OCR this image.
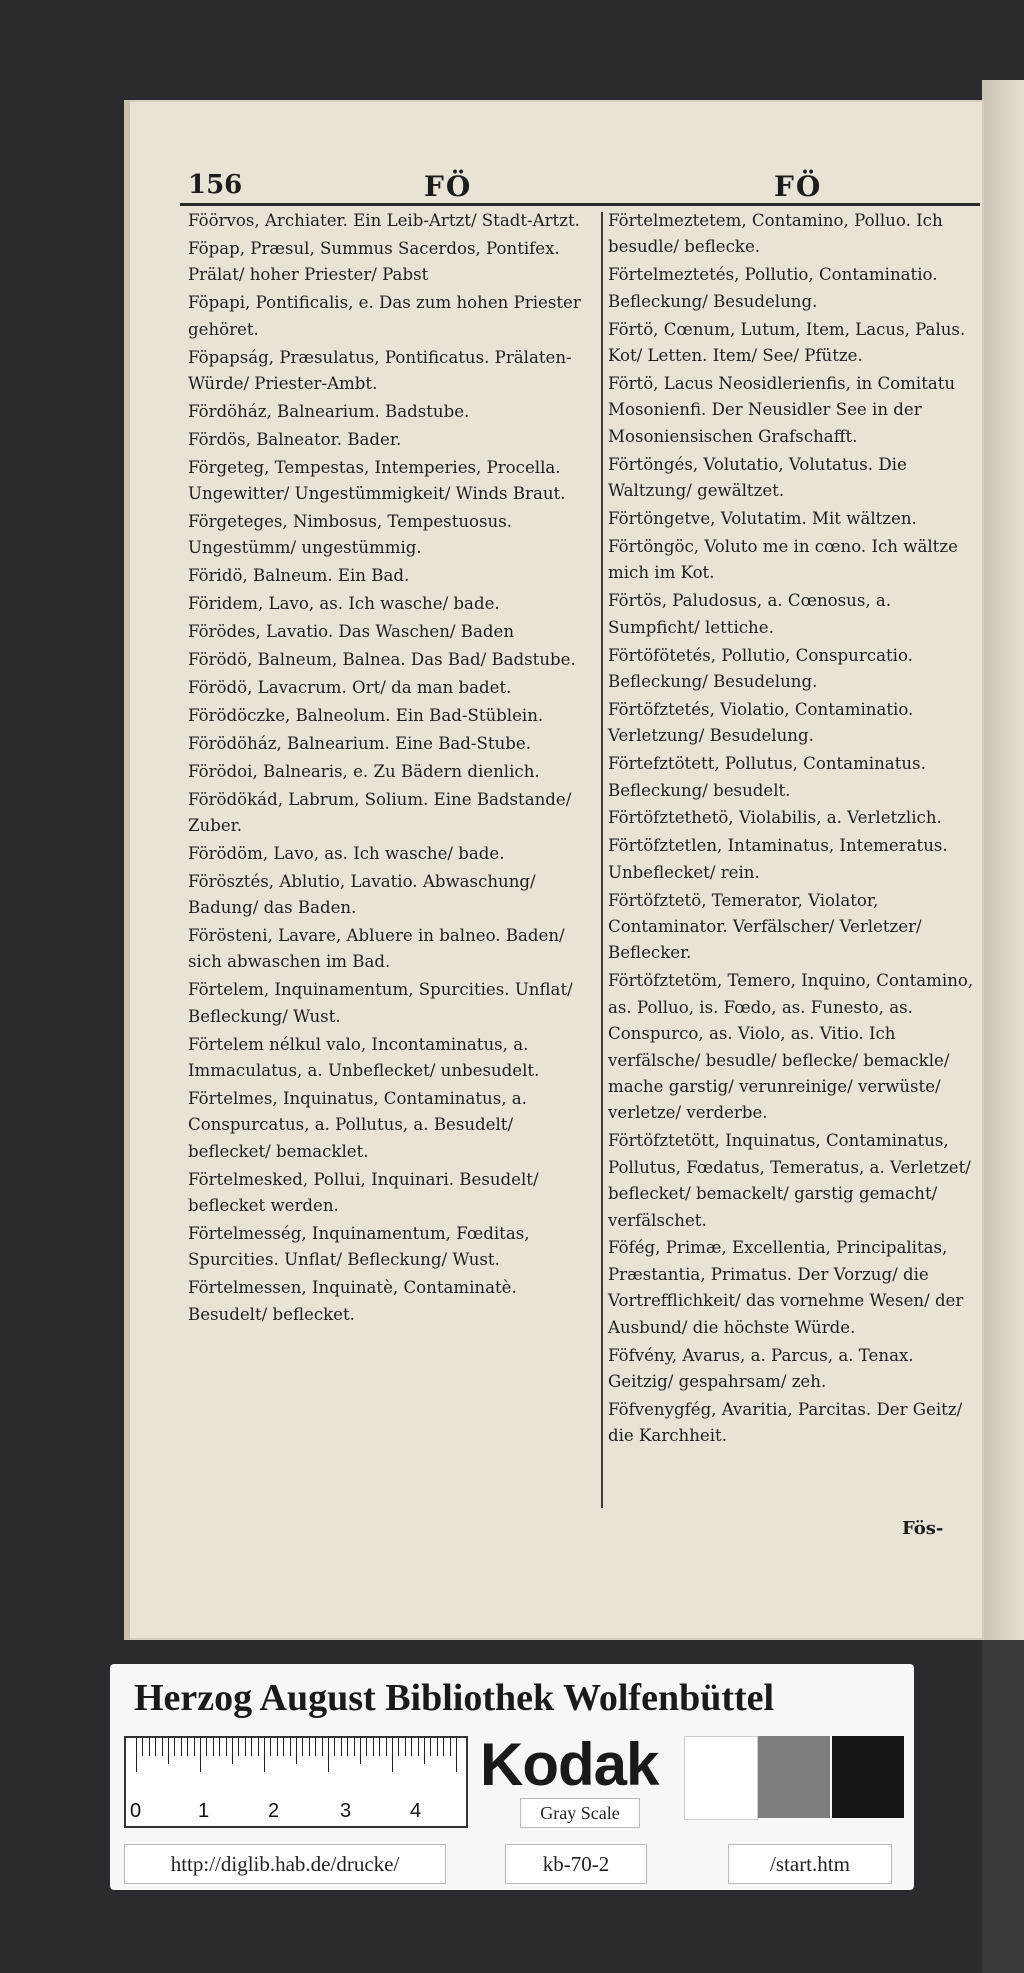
156	FÖ	FÖ
Föörvos, Archiater. Ein Leib-Artzt/ Stadt-Artzt.
Föpap, Præsul, Summus Sacerdos, Pontifex. Prälat/ hoher Priester/ Pabst
Föpapi, Pontificalis, e. Das zum hohen Priester gehöret.
Föpapság, Præsulatus, Pontificatus. Prälaten-Würde/ Priester-Ambt.
Fördöház, Balnearium. Badstube.
Fördös, Balneator. Bader.
Förgeteg, Tempestas, Intemperies, Procella. Ungewitter/ Ungestümmigkeit/ Winds Braut.
Förgeteges, Nimbosus, Tempestuosus. Ungestümm/ ungestümmig.
Föridö, Balneum. Ein Bad.
Föridem, Lavo, as. Ich wasche/ bade.
Förödes, Lavatio. Das Waschen/ Baden
Förödö, Balneum, Balnea. Das Bad/ Badstube.
Förödö, Lavacrum. Ort/ da man badet.
Förödöczke, Balneolum. Ein Bad-Stüblein.
Förödöház, Balnearium. Eine Bad-Stube.
Förödoi, Balnearis, e. Zu Bädern dienlich.
Förödökád, Labrum, Solium. Eine Badstande/ Zuber.
Förödöm, Lavo, as. Ich wasche/ bade.
Förösztés, Ablutio, Lavatio. Abwaschung/ Badung/ das Baden.
Förösteni, Lavare, Abluere in balneo. Baden/ sich abwaschen im Bad.
Förtelem, Inquinamentum, Spurcities. Unflat/ Befleckung/ Wust.
Förtelem nélkul valo, Incontaminatus, a. Immaculatus, a. Unbeflecket/ unbesudelt.
Förtelmes, Inquinatus, Contaminatus, a. Conspurcatus, a. Pollutus, a. Besudelt/ beflecket/ bemacklet.
Förtelmesked, Pollui, Inquinari. Besudelt/ beflecket werden.
Förtelmesség, Inquinamentum, Fœditas, Spurcities. Unflat/ Befleckung/ Wust.
Förtelmessen, Inquinatè, Contaminatè. Besudelt/ beflecket.
Förtelmeztetem, Contamino, Polluo. Ich besudle/ beflecke.
Förtelmeztetés, Pollutio, Contaminatio. Befleckung/ Besudelung.
Förtö, Cœnum, Lutum, Item, Lacus, Palus. Kot/ Letten. Item/ See/ Pfütze.
Förtö, Lacus Neosidlerienfis, in Comitatu Mosonienfi. Der Neusidler See in der Mosoniensischen Grafschafft.
Förtöngés, Volutatio, Volutatus. Die Waltzung/ gewältzet.
Förtöngetve, Volutatim. Mit wältzen.
Förtöngöc, Voluto me in cœno. Ich wältze mich im Kot.
Förtös, Paludosus, a. Cœnosus, a. Sumpficht/ lettiche.
Förtöfötetés, Pollutio, Conspurcatio. Befleckung/ Besudelung.
Förtöfztetés, Violatio, Contaminatio. Verletzung/ Besudelung.
Förtefztötett, Pollutus, Contaminatus. Befleckung/ besudelt.
Förtöfztethetö, Violabilis, a. Verletzlich.
Förtöfztetlen, Intaminatus, Intemeratus. Unbeflecket/ rein.
Förtöfztetö, Temerator, Violator, Contaminator. Verfälscher/ Verletzer/ Beflecker.
Förtöfztetöm, Temero, Inquino, Contamino, as. Polluo, is. Fœdo, as. Funesto, as. Conspurco, as. Violo, as. Vitio. Ich verfälsche/ besudle/ beflecke/ bemackle/ mache garstig/ verunreinige/ verwüste/ verletze/ verderbe.
Förtöfztetött, Inquinatus, Contaminatus, Pollutus, Fœdatus, Temeratus, a. Verletzet/ beflecket/ bemackelt/ garstig gemacht/ verfälschet.
Föfég, Primæ, Excellentia, Principalitas, Præstantia, Primatus. Der Vorzug/ die Vortrefflichkeit/ das vornehme Wesen/ der Ausbund/ die höchste Würde.
Föfvény, Avarus, a. Parcus, a. Tenax. Geitzig/ gespahrsam/ zeh.
Föfvenygfég, Avaritia, Parcitas. Der Geitz/ die Karchheit.
Fös-
Herzog August Bibliothek Wolfenbüttel
0	1	2	3	4
Kodak
Gray Scale
http://diglib.hab.de/drucke/	kb-70-2	/start.htm
